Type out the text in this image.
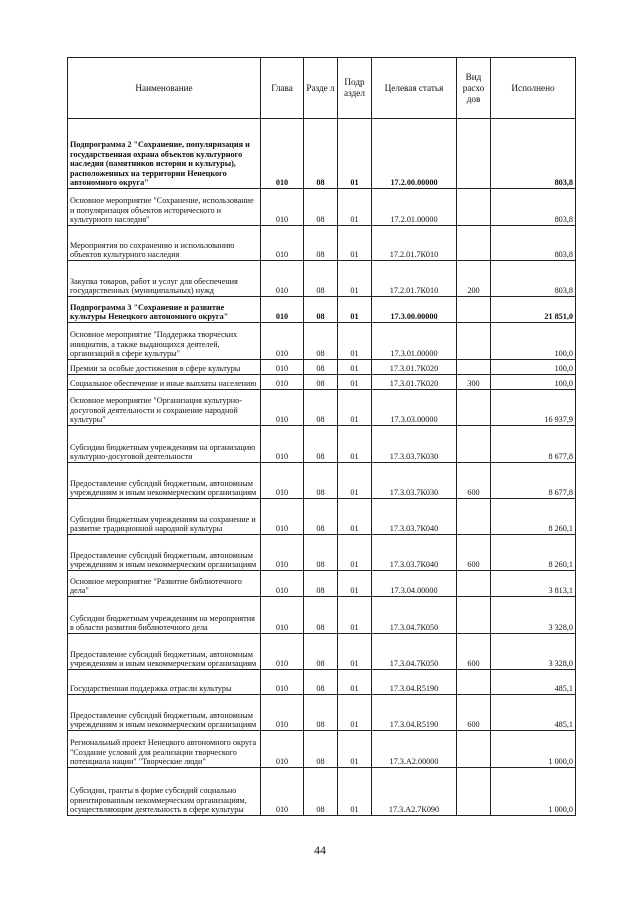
Наименование	Глава	Разде л	Подр аздел	Целевая статья	Вид расхо дов	Исполнено
Подпрограмма 2 "Сохранение, популяризация и государственная охрана объектов культурного наследия (памятников истории и культуры), расположенных на территории Ненецкого автономного округа"	010	08	01	17.2.00.00000		803,8
Основное мероприятие "Сохранение, использование и популяризация объектов исторического и культурного наследия"	010	08	01	17.2.01.00000		803,8
Мероприятия по сохранению и использованию объектов культурного наследия	010	08	01	17.2.01.7К010		803,8
Закупка товаров, работ и услуг для обеспечения государственных (муниципальных) нужд	010	08	01	17.2.01.7К010	200	803,8
Подпрограмма 3 "Сохранение и развитие культуры Ненецкого автономного округа"	010	08	01	17.3.00.00000		21 851,0
Основное мероприятие "Поддержка творческих инициатив, а также выдающихся деятелей, организаций в сфере культуры"	010	08	01	17.3.01.00000		100,0
Премии за особые достижения в сфере культуры	010	08	01	17.3.01.7К020		100,0
Социальное обеспечение и иные выплаты населению	010	08	01	17.3.01.7К020	300	100,0
Основное мероприятие "Организация культурно-досуговой деятельности и сохранение народной культуры"	010	08	01	17.3.03.00000		16 937,9
Субсидии бюджетным учреждениям на организацию культурно-досуговой деятельности	010	08	01	17.3.03.7К030		8 677,8
Предоставление субсидий бюджетным, автономным учреждениям и иным некоммерческим организациям	010	08	01	17.3.03.7К030	600	8 677,8
Субсидии бюджетным учреждениям на сохранение и развитие традиционной народной культуры	010	08	01	17.3.03.7К040		8 260,1
Предоставление субсидий бюджетным, автономным учреждениям и иным некоммерческим организациям	010	08	01	17.3.03.7К040	600	8 260,1
Основное мероприятие "Развитие библиотечного дела"	010	08	01	17.3.04.00000		3 813,1
Субсидии бюджетным учреждениям на мероприятия в области развития библиотечного дела	010	08	01	17.3.04.7К050		3 328,0
Предоставление субсидий бюджетным, автономным учреждениям и иным некоммерческим организациям	010	08	01	17.3.04.7К050	600	3 328,0
Государственная поддержка отрасли культуры	010	08	01	17.3.04.R5190		485,1
Предоставление субсидий бюджетным, автономным учреждениям и иным некоммерческим организациям	010	08	01	17.3.04.R5190	600	485,1
Региональный проект Ненецкого автономного округа "Создание условий для реализации творческого потенциала нации" "Творческие люди"	010	08	01	17.3.А2.00000		1 000,0
Субсидии, гранты в форме субсидий социально ориентированным некоммерческим организациям, осуществляющим деятельность в сфере культуры	010	08	01	17.3.А2.7К090		1 000,0
44
